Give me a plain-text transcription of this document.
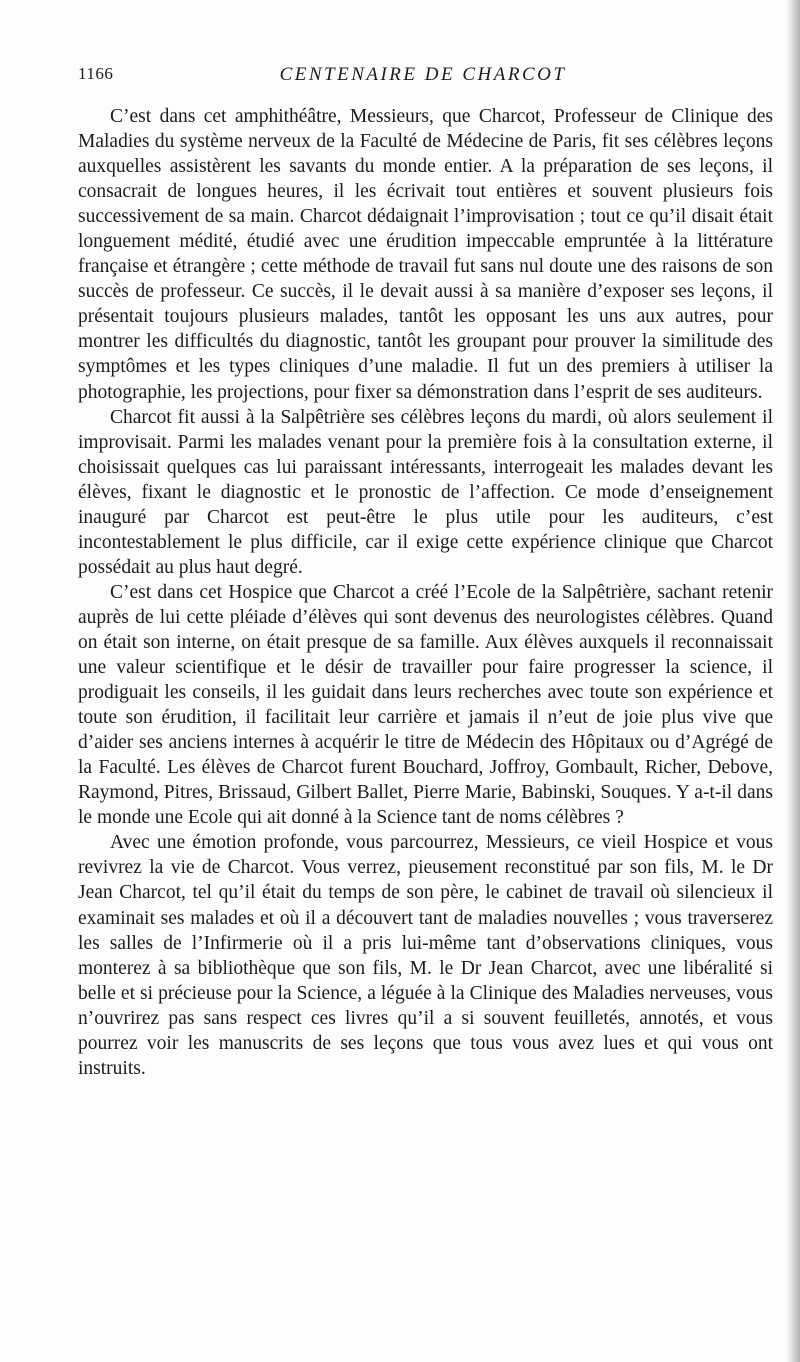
1166	CENTENAIRE DE CHARCOT

C’est dans cet amphithéâtre, Messieurs, que Charcot, Professeur de Clinique des Maladies du système nerveux de la Faculté de Médecine de Paris, fit ses célèbres leçons auxquelles assistèrent les savants du monde entier. A la préparation de ses leçons, il consacrait de longues heures, il les écrivait tout entières et souvent plusieurs fois successivement de sa main. Charcot dédaignait l’improvisation ; tout ce qu’il disait était longuement médité, étudié avec une érudition impeccable empruntée à la littérature française et étrangère ; cette méthode de travail fut sans nul doute une des raisons de son succès de professeur. Ce succès, il le devait aussi à sa manière d’exposer ses leçons, il présentait toujours plusieurs malades, tantôt les opposant les uns aux autres, pour montrer les difficultés du diagnostic, tantôt les groupant pour prouver la similitude des symptômes et les types cliniques d’une maladie. Il fut un des premiers à utiliser la photographie, les projections, pour fixer sa démonstration dans l’esprit de ses auditeurs.

Charcot fit aussi à la Salpêtrière ses célèbres leçons du mardi, où alors seulement il improvisait. Parmi les malades venant pour la première fois à la consultation externe, il choisissait quelques cas lui paraissant intéressants, interrogeait les malades devant les élèves, fixant le diagnostic et le pronostic de l’affection. Ce mode d’enseignement inauguré par Charcot est peut-être le plus utile pour les auditeurs, c’est incontestablement le plus difficile, car il exige cette expérience clinique que Charcot possédait au plus haut degré.

C’est dans cet Hospice que Charcot a créé l’Ecole de la Salpêtrière, sachant retenir auprès de lui cette pléiade d’élèves qui sont devenus des neurologistes célèbres. Quand on était son interne, on était presque de sa famille. Aux élèves auxquels il reconnaissait une valeur scientifique et le désir de travailler pour faire progresser la science, il prodiguait les conseils, il les guidait dans leurs recherches avec toute son expérience et toute son érudition, il facilitait leur carrière et jamais il n’eut de joie plus vive que d’aider ses anciens internes à acquérir le titre de Médecin des Hôpitaux ou d’Agrégé de la Faculté. Les élèves de Charcot furent Bouchard, Joffroy, Gombault, Richer, Debove, Raymond, Pitres, Brissaud, Gilbert Ballet, Pierre Marie, Babinski, Souques. Y a-t-il dans le monde une Ecole qui ait donné à la Science tant de noms célèbres ?

Avec une émotion profonde, vous parcourrez, Messieurs, ce vieil Hospice et vous revivrez la vie de Charcot. Vous verrez, pieusement reconstitué par son fils, M. le Dr Jean Charcot, tel qu’il était du temps de son père, le cabinet de travail où silencieux il examinait ses malades et où il a découvert tant de maladies nouvelles ; vous traverserez les salles de l’Infirmerie où il a pris lui-même tant d’observations cliniques, vous monterez à sa bibliothèque que son fils, M. le Dr Jean Charcot, avec une libéralité si belle et si précieuse pour la Science, a léguée à la Clinique des Maladies nerveuses, vous n’ouvrirez pas sans respect ces livres qu’il a si souvent feuilletés, annotés, et vous pourrez voir les manuscrits de ses leçons que tous vous avez lues et qui vous ont instruits.
